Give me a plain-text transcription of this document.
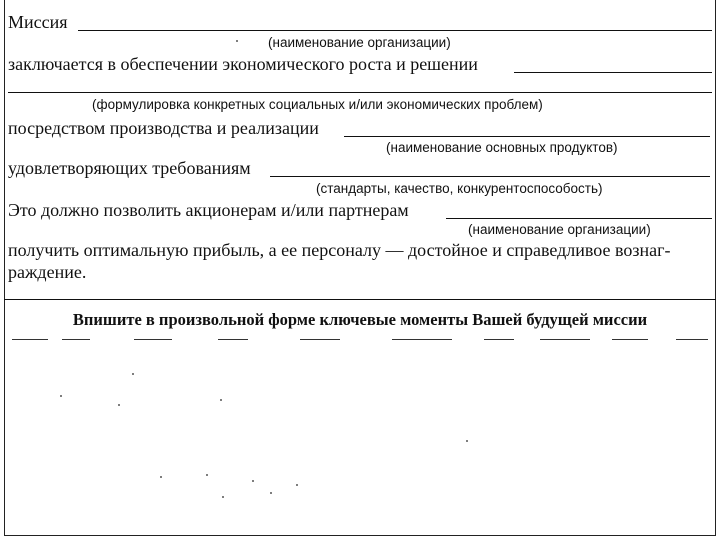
Миссия
(наименование организации)
заключается в обеспечении экономического роста и решении
(формулировка конкретных социальных и/или экономических проблем)
посредством производства и реализации
(наименование основных продуктов)
удовлетворяющих требованиям
(стандарты, качество, конкурентоспособость)
Это должно позволить акционерам и/или партнерам
(наименование организации)
получить оптимальную прибыль, а ее персоналу — достойное и справедливое вознаг-
раждение.
Впишите в произвольной форме ключевые моменты Вашей будущей миссии
